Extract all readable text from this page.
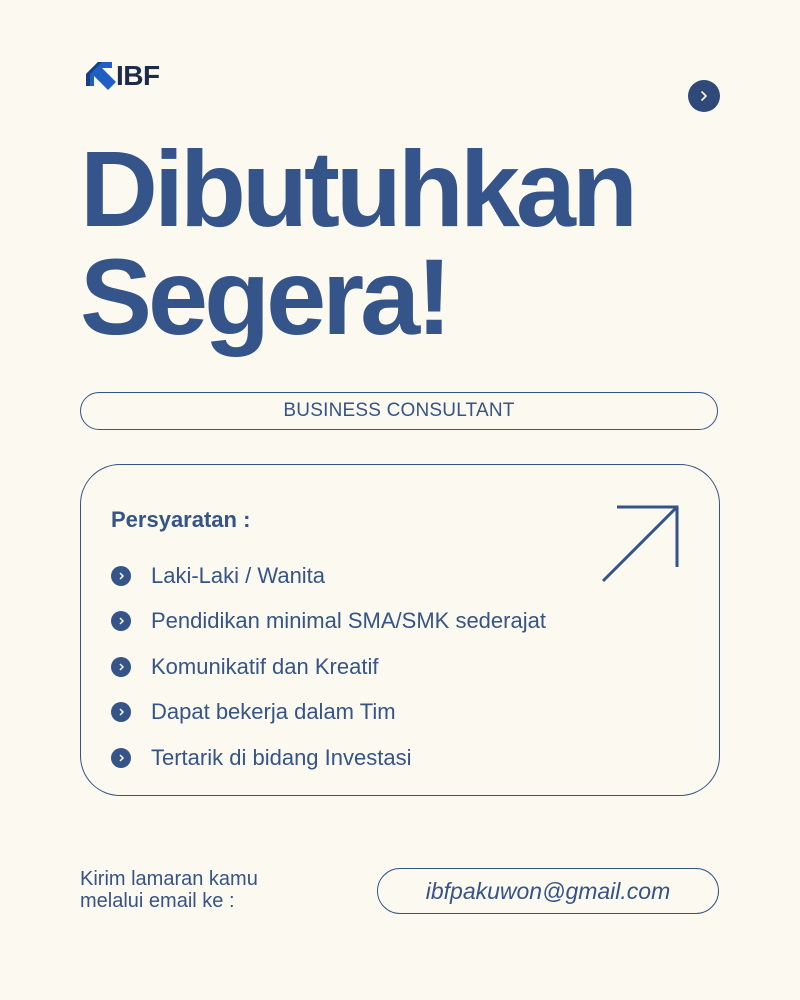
IBF
Dibutuhkan
Segera!
BUSINESS CONSULTANT
Persyaratan :
Laki-Laki / Wanita
Pendidikan minimal SMA/SMK sederajat
Komunikatif dan Kreatif
Dapat bekerja dalam Tim
Tertarik di bidang Investasi
Kirim lamaran kamu
melalui email ke :	ibfpakuwon@gmail.com
